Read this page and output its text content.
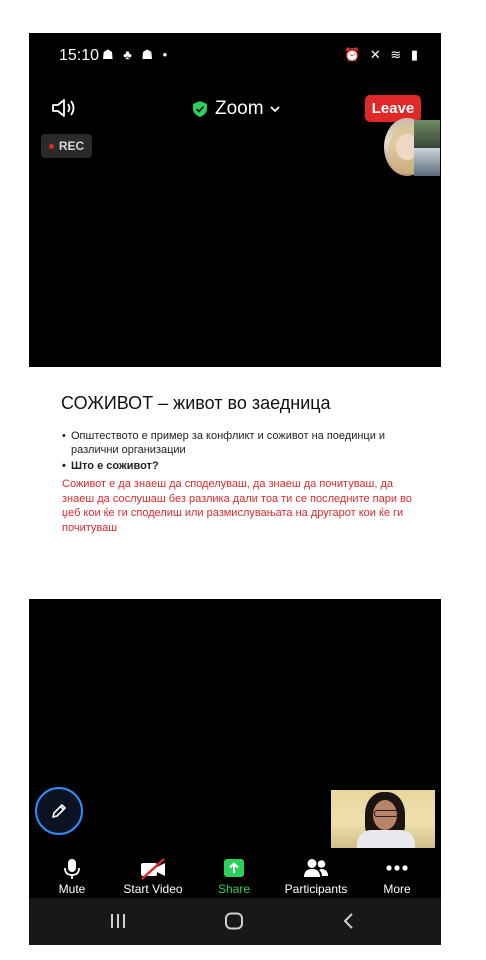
15:10 ☗ ♣ ☗ •	⏰ ✕ ≋ ▮
Zoom	Leave
REC
СОЖИВОТ – живот во заедница
• Општеството е пример за конфликт и соживот на поединци и различни организации
• Што е соживот?
Соживот е да знаеш да споделуваш, да знаеш да почитуваш, да знаеш да сослушаш без разлика дали тоа ти се последните пари во џеб кои ќе ги споделиш или размислувањата на другарот кои ќе ги почитуваш
Mute	Start Video	Share	Participants	More
